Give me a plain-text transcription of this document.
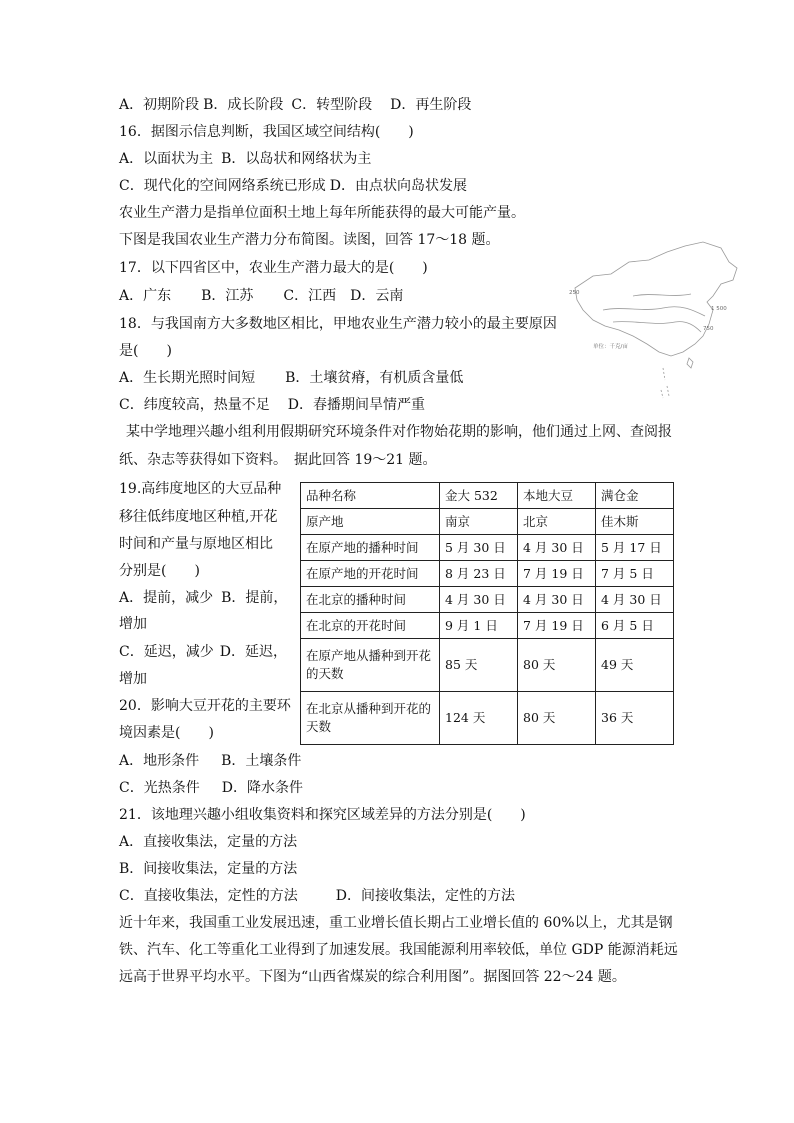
A．初期阶段 B．成长阶段 C．转型阶段 D．再生阶段
16．据图示信息判断，我国区域空间结构(　　)
A．以面状为主 B．以岛状和网络状为主
C．现代化的空间网络系统已形成 D．由点状向岛状发展
农业生产潜力是指单位面积土地上每年所能获得的最大可能产量。
下图是我国农业生产潜力分布简图。读图，回答 17～18 题。
17．以下四省区中，农业生产潜力最大的是(　　)
A．广东 B．江苏 C．江西 D．云南
18．与我国南方大多数地区相比，甲地农业生产潜力较小的最主要原因
是(　　)
A．生长期光照时间短 B．土壤贫瘠，有机质含量低
C．纬度较高，热量不足 D．春播期间旱情严重
某中学地理兴趣小组利用假期研究环境条件对作物始花期的影响，他们通过上网、查阅报
纸、杂志等获得如下资料。　据此回答 19～21 题。
19.高纬度地区的大豆品种
移往低纬度地区种植,开花
时间和产量与原地区相比
分别是(　　)
A．提前，减少 B．提前，
增加
C．延迟，减少 D．延迟，
增加
20．影响大豆开花的主要环
境因素是(　　)
A．地形条件 B．土壤条件
C．光热条件 D．降水条件
21．该地理兴趣小组收集资料和探究区域差异的方法分别是(　　)
A．直接收集法，定量的方法
B．间接收集法，定量的方法
C．直接收集法，定性的方法	D．间接收集法，定性的方法
近十年来，我国重工业发展迅速，重工业增长值长期占工业增长值的 60%以上，尤其是钢
铁、汽车、化工等重化工业得到了加速发展。我国能源利用率较低，单位 GDP 能源消耗远
远高于世界平均水平。下图为“山西省煤炭的综合利用图”。据图回答 22～24 题。
品种名称	金大 532	本地大豆	满仓金
原产地	南京	北京	佳木斯
在原产地的播种时间	5 月 30 日	4 月 30 日	5 月 17 日
在原产地的开花时间	8 月 23 日	7 月 19 日	7 月 5 日
在北京的播种时间	4 月 30 日	4 月 30 日	4 月 30 日
在北京的开花时间	9 月 1 日	7 月 19 日	6 月 5 日
在原产地从播种到开花的天数	85 天	80 天	49 天
在北京从播种到开花的天数	124 天	80 天	36 天
250
1 500
750
单位：千克/亩
